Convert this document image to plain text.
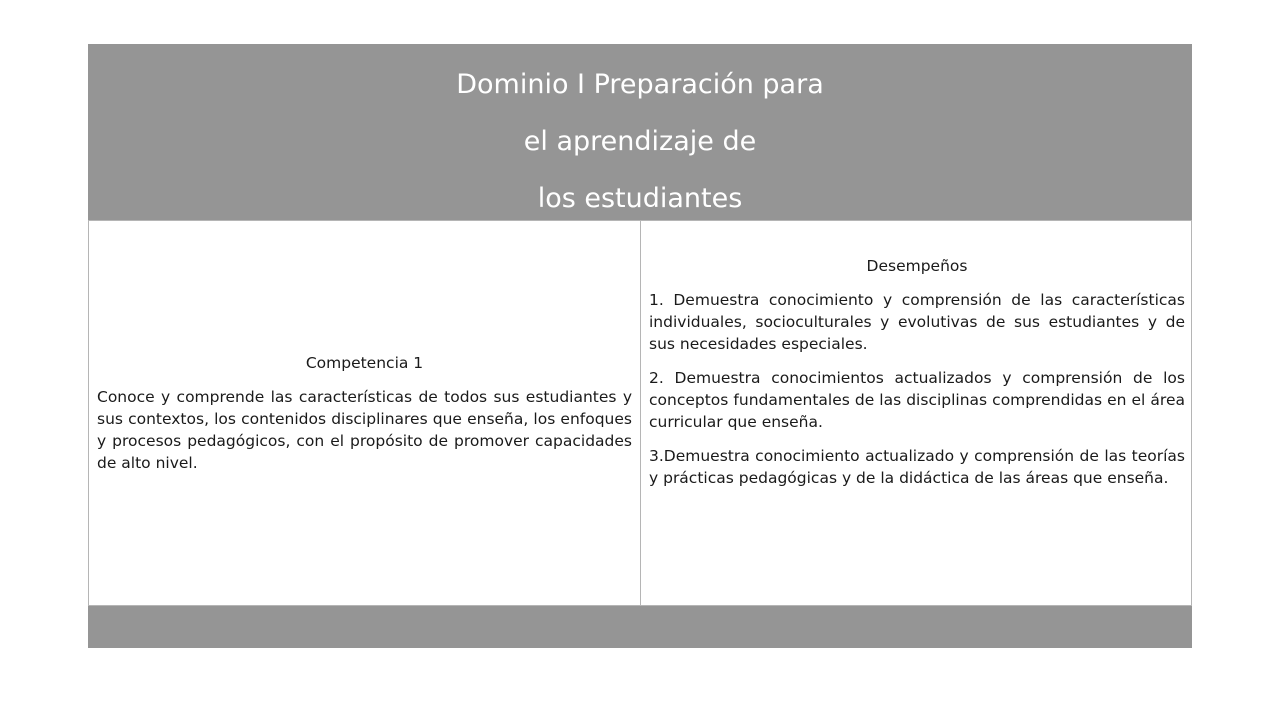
Dominio I Preparación para
el aprendizaje de
los estudiantes

Competencia 1

Conoce y comprende las características de todos sus estudiantes y sus contextos, los contenidos disciplinares que enseña, los enfoques y procesos pedagógicos, con el propósito de promover capacidades de alto nivel.

Desempeños

1. Demuestra conocimiento y comprensión de las características individuales, socioculturales y evolutivas de sus estudiantes y de sus necesidades especiales.

2. Demuestra conocimientos actualizados y comprensión de los conceptos fundamentales de las disciplinas comprendidas en el área curricular que enseña.

3.Demuestra conocimiento actualizado y comprensión de las teorías y prácticas pedagógicas y de la didáctica de las áreas que enseña.
